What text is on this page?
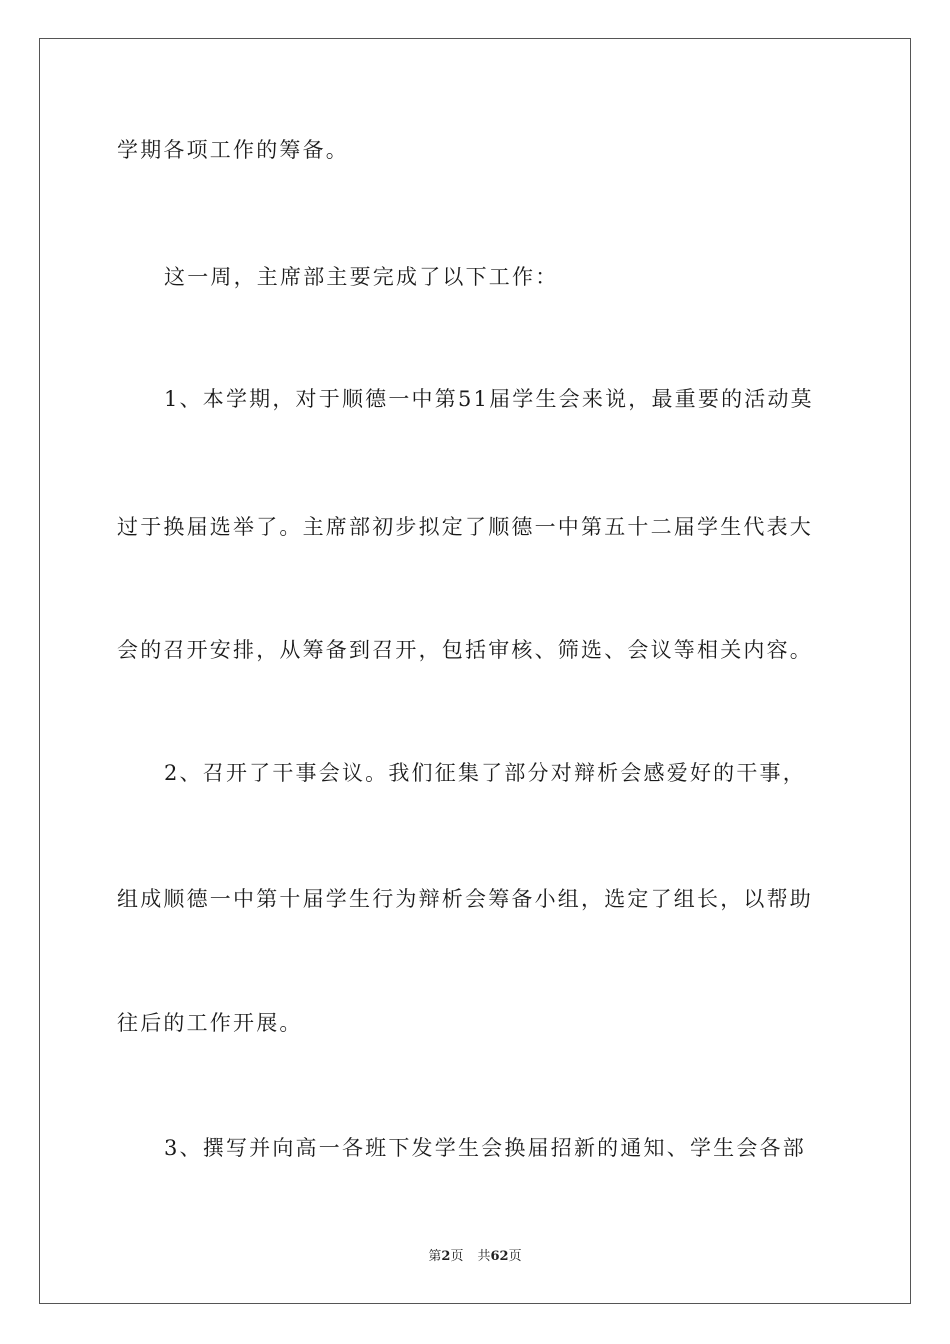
学期各项工作的筹备。
这一周，主席部主要完成了以下工作：
1、本学期，对于顺德一中第51届学生会来说，最重要的活动莫
过于换届选举了。主席部初步拟定了顺德一中第五十二届学生代表大
会的召开安排，从筹备到召开，包括审核、筛选、会议等相关内容。
2、召开了干事会议。我们征集了部分对辩析会感爱好的干事，
组成顺德一中第十届学生行为辩析会筹备小组，选定了组长，以帮助
往后的工作开展。
3、撰写并向高一各班下发学生会换届招新的通知、学生会各部
第2页 共62页
